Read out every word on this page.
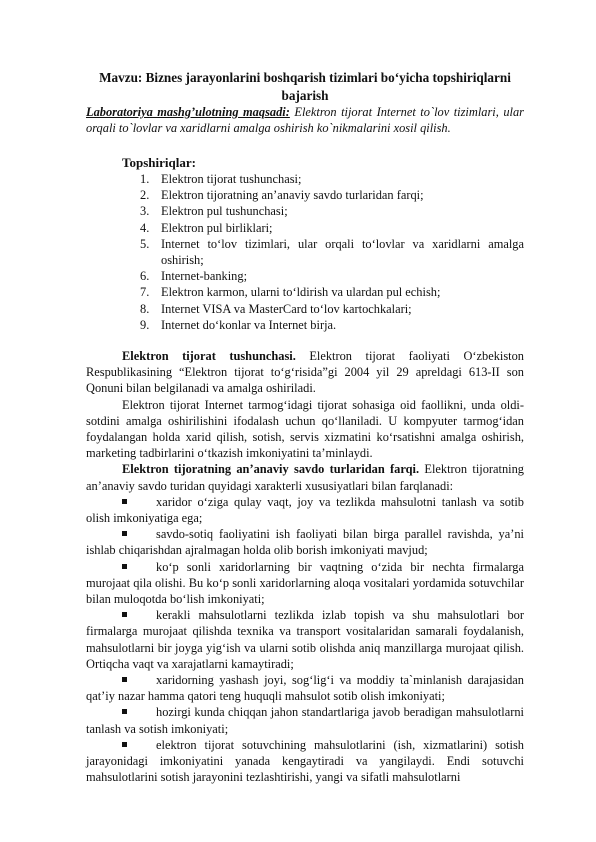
Mavzu: Biznes jarayonlarini boshqarish tizimlari bo‘yicha topshiriqlarni bajarish
Laboratoriya mashg’ulotning maqsadi: Elektron tijorat Internet to`lov tizimlari, ular orqali to`lovlar va xaridlarni amalga oshirish ko`nikmalarini xosil qilish.
Topshiriqlar:
1. Elektron tijorat tushunchasi;
2. Elektron tijoratning an’anaviy savdo turlaridan farqi;
3. Elektron pul tushunchasi;
4. Elektron pul birliklari;
5. Internet to‘lov tizimlari, ular orqali to‘lovlar va xaridlarni amalga oshirish;
6. Internet-banking;
7. Elektron karmon, ularni to‘ldirish va ulardan pul echish;
8. Internet VISA va MasterCard to‘lov kartochkalari;
9. Internet do‘konlar va Internet birja.

Elektron tijorat tushunchasi. Elektron tijorat faoliyati O‘zbekiston Respublikasining “Elektron tijorat to‘g‘risida”gi 2004 yil 29 apreldagi 613-II son Qonuni bilan belgilanadi va amalga oshiriladi.

Elektron tijorat Internet tarmog‘idagi tijorat sohasiga oid faollikni, unda oldi-sotdini amalga oshirilishini ifodalash uchun qo‘llaniladi. U kompyuter tarmog‘idan foydalangan holda xarid qilish, sotish, servis xizmatini ko‘rsatishni amalga oshirish, marketing tadbirlarini o‘tkazish imkoniyatini ta’minlaydi.

Elektron tijoratning an’anaviy savdo turlaridan farqi. Elektron tijoratning an’anaviy savdo turidan quyidagi xarakterli xususiyatlari bilan farqlanadi:

xaridor o‘ziga qulay vaqt, joy va tezlikda mahsulotni tanlash va sotib olish imkoniyatiga ega;

savdo-sotiq faoliyatini ish faoliyati bilan birga parallel ravishda, ya’ni ishlab chiqarishdan ajralmagan holda olib borish imkoniyati mavjud;

ko‘p sonli xaridorlarning bir vaqtning o‘zida bir nechta firmalarga murojaat qila olishi. Bu ko‘p sonli xaridorlarning aloqa vositalari yordamida sotuvchilar bilan muloqotda bo‘lish imkoniyati;

kerakli mahsulotlarni tezlikda izlab topish va shu mahsulotlari bor firmalarga murojaat qilishda texnika va transport vositalaridan samarali foydalanish, mahsulotlarni bir joyga yig‘ish va ularni sotib olishda aniq manzillarga murojaat qilish. Ortiqcha vaqt va xarajatlarni kamaytiradi;

xaridorning yashash joyi, sog‘lig‘i va moddiy ta`minlanish darajasidan qat’iy nazar hamma qatori teng huquqli mahsulot sotib olish imkoniyati;

hozirgi kunda chiqqan jahon standartlariga javob beradigan mahsulotlarni tanlash va sotish imkoniyati;

elektron tijorat sotuvchining mahsulotlarini (ish, xizmatlarini) sotish jarayonidagi imkoniyatini yanada kengaytiradi va yangilaydi. Endi sotuvchi mahsulotlarini sotish jarayonini tezlashtirishi, yangi va sifatli mahsulotlarni
